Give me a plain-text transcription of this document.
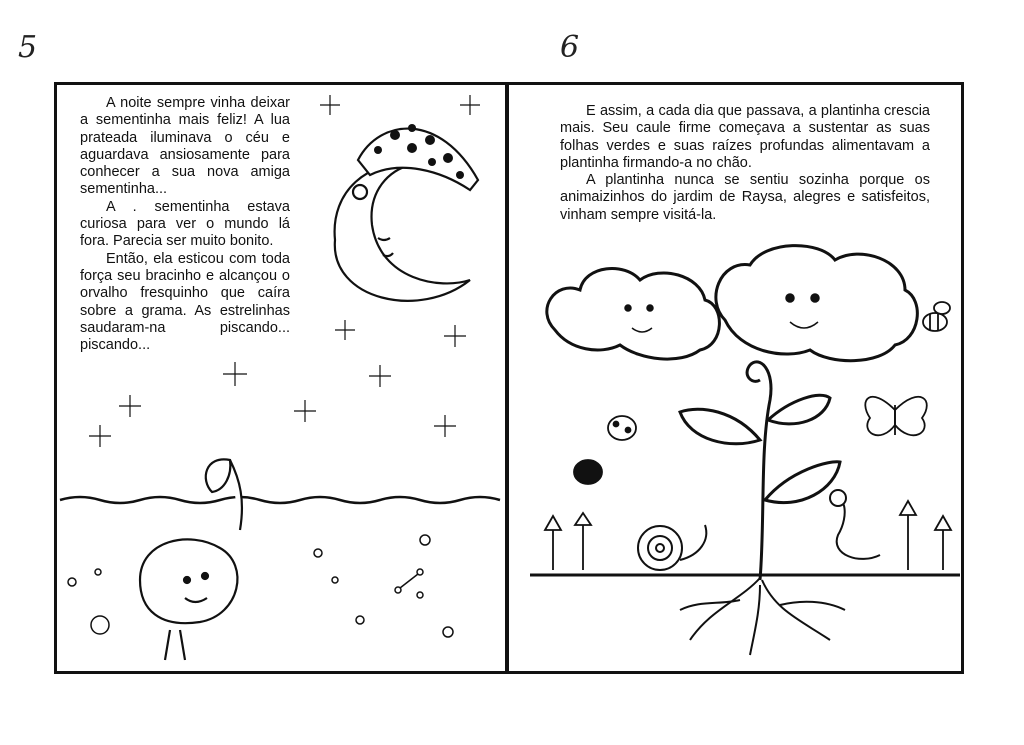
5	6

A noite sempre vinha deixar a sementinha mais feliz! A lua prateada iluminava o céu e aguardava ansiosamente para conhecer a sua nova amiga sementinha...

A . sementinha estava curiosa para ver o mundo lá fora. Parecia ser muito bonito.

Então, ela esticou com toda força seu bracinho e alcançou o orvalho fresquinho que caíra sobre a grama. As estrelinhas saudaram-na piscando... piscando...

E assim, a cada dia que passava, a plantinha crescia mais. Seu caule firme começava a sustentar as suas folhas verdes e suas raízes profundas alimentavam a plantinha firmando-a no chão.

A plantinha nunca se sentiu sozinha porque os animaizinhos do jardim de Raysa, alegres e satisfeitos, vinham sempre visitá-la.
